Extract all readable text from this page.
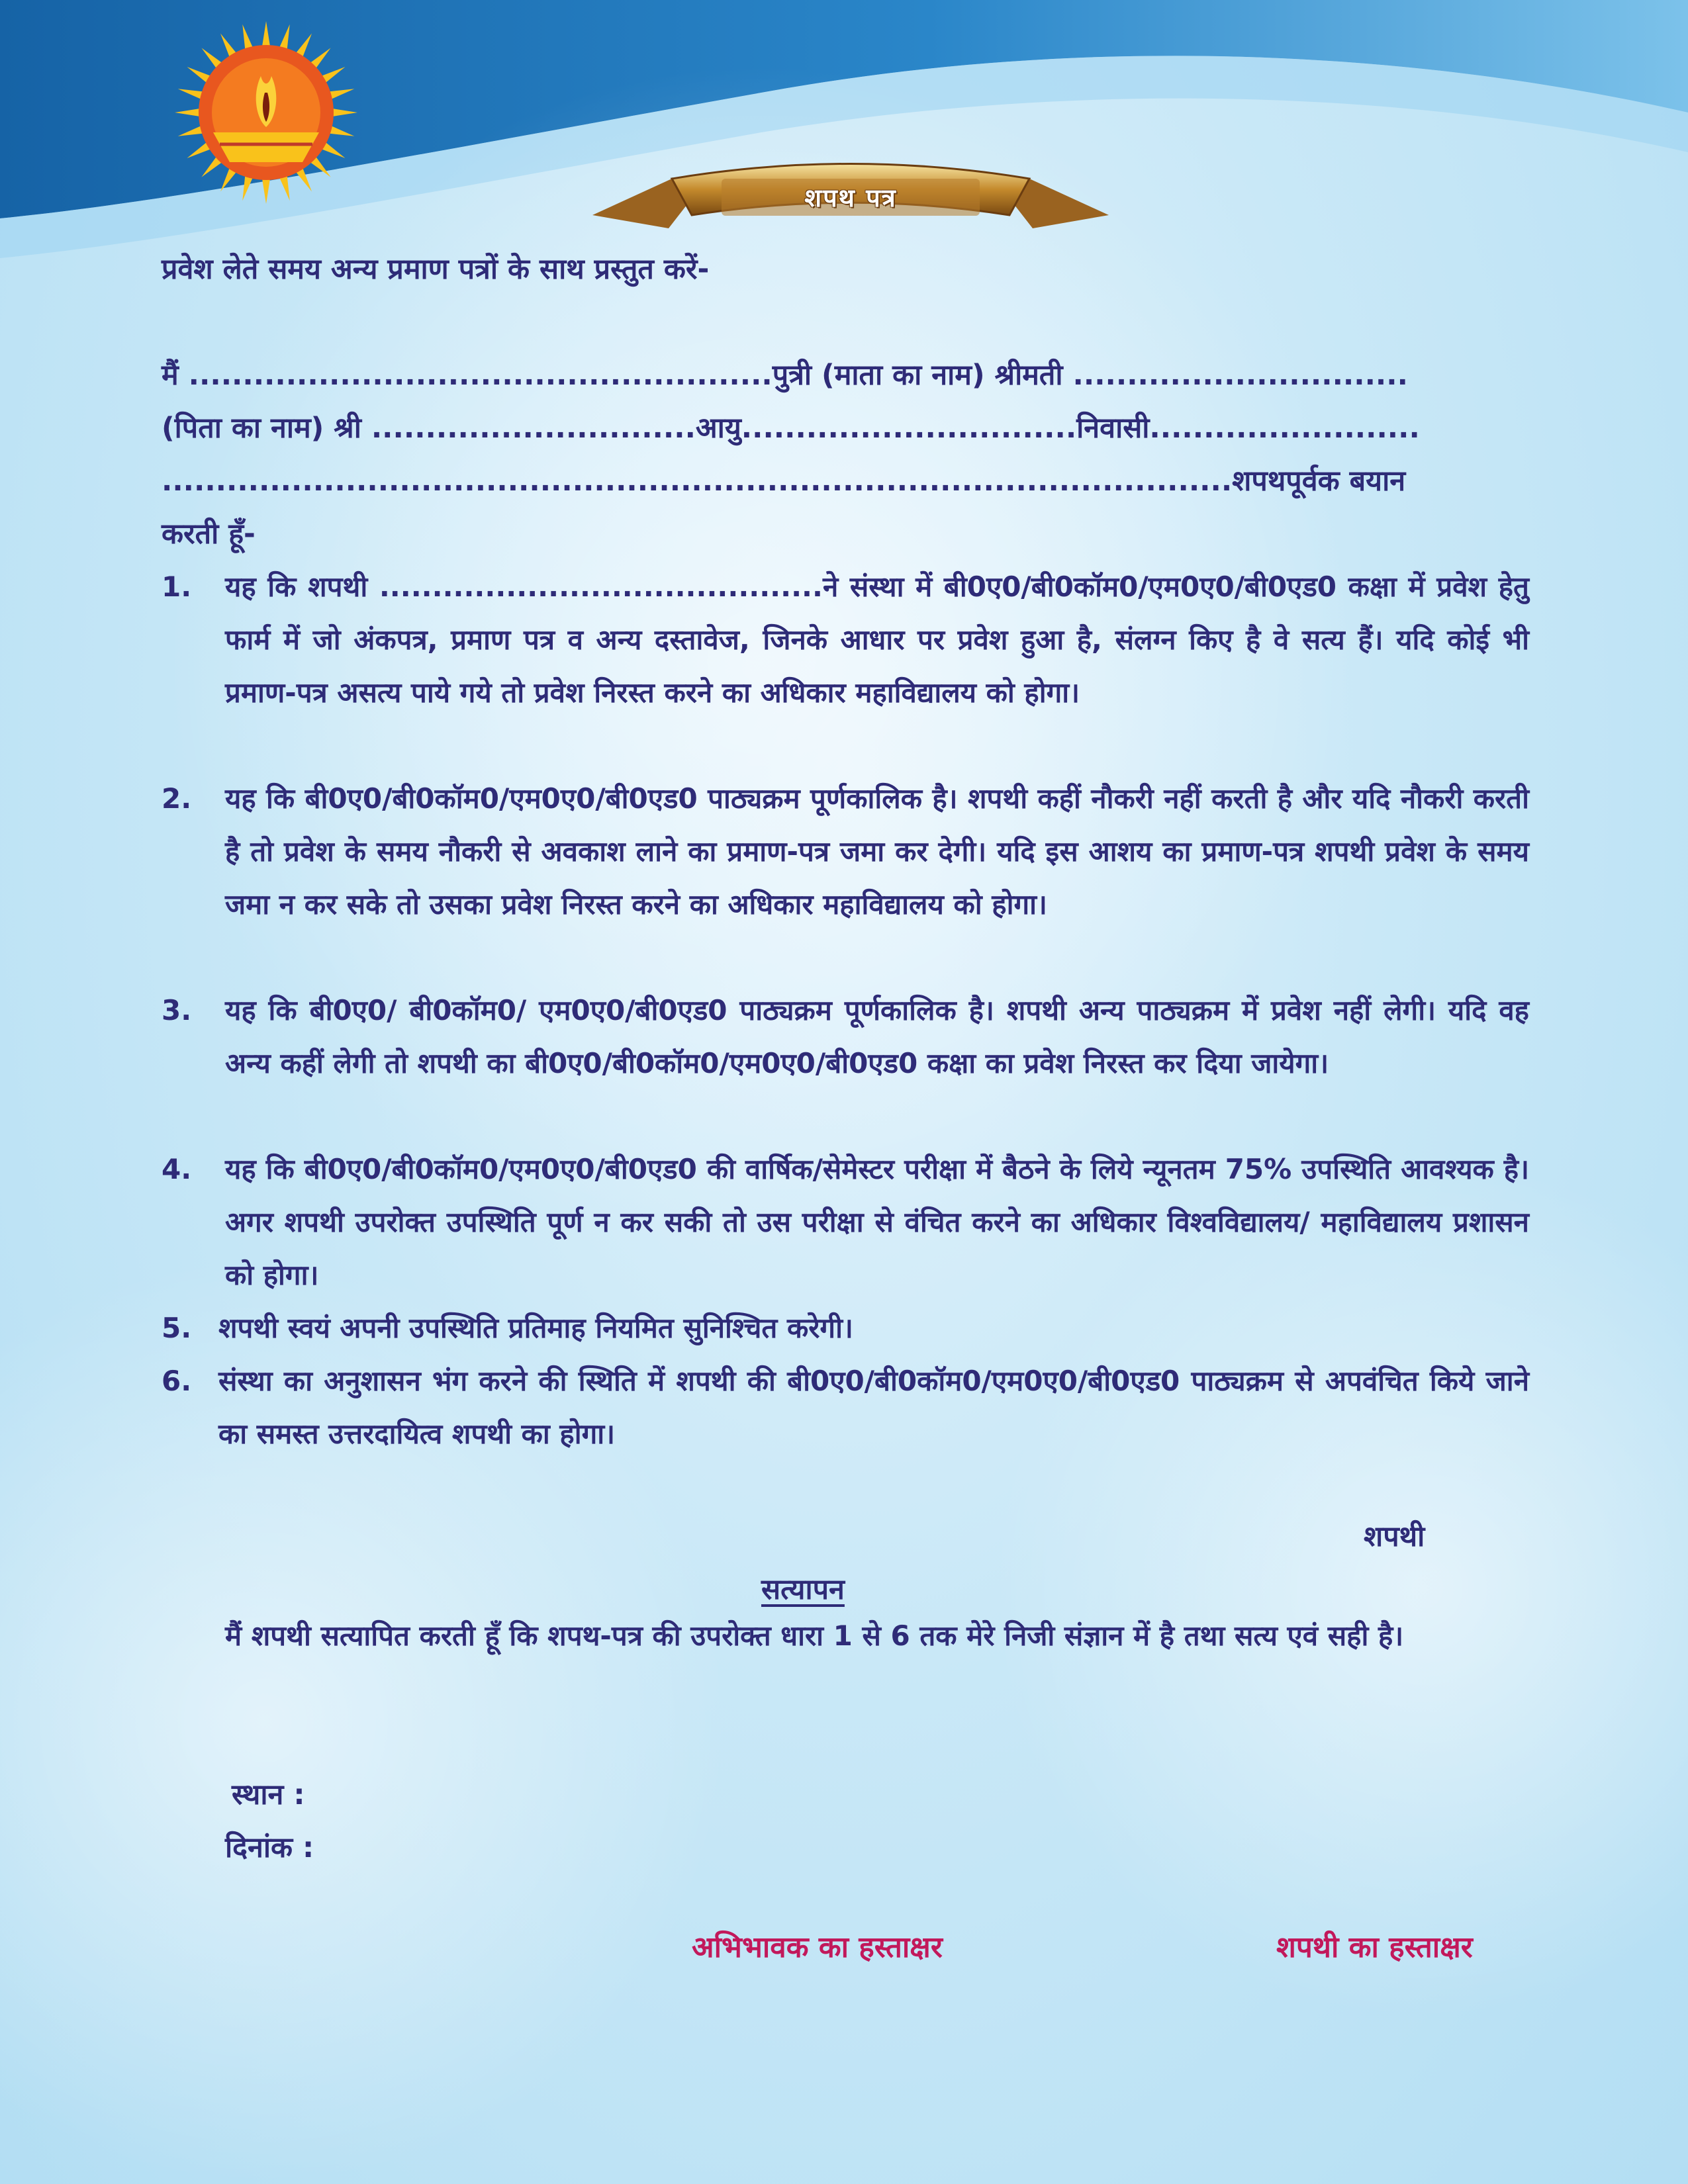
शपथ पत्र
प्रवेश लेते समय अन्य प्रमाण पत्रों के साथ प्रस्तुत करें-
मैं ......................................................पुत्री (माता का नाम) श्रीमती ...............................
(पिता का नाम) श्री ..............................आयु...............................निवासी.........................
...................................................................................................शपथपूर्वक बयान
करती हूँ-
1. यह कि शपथी ..........................................ने संस्था में बी0ए0/बी0कॉम0/एम0ए0/बी0एड0 कक्षा में प्रवेश हेतु फार्म में जो अंकपत्र, प्रमाण पत्र व अन्य दस्तावेज, जिनके आधार पर प्रवेश हुआ है, संलग्न किए है वे सत्य हैं। यदि कोई भी प्रमाण-पत्र असत्य पाये गये तो प्रवेश निरस्त करने का अधिकार महाविद्यालय को होगा।
2. यह कि बी0ए0/बी0कॉम0/एम0ए0/बी0एड0 पाठ्यक्रम पूर्णकालिक है। शपथी कहीं नौकरी नहीं करती है और यदि नौकरी करती है तो प्रवेश के समय नौकरी से अवकाश लाने का प्रमाण-पत्र जमा कर देगी। यदि इस आशय का प्रमाण-पत्र शपथी प्रवेश के समय जमा न कर सके तो उसका प्रवेश निरस्त करने का अधिकार महाविद्यालय को होगा।
3. यह कि बी0ए0/ बी0कॉम0/ एम0ए0/बी0एड0 पाठ्यक्रम पूर्णकालिक है। शपथी अन्य पाठ्यक्रम में प्रवेश नहीं लेगी। यदि वह अन्य कहीं लेगी तो शपथी का बी0ए0/बी0कॉम0/एम0ए0/बी0एड0 कक्षा का प्रवेश निरस्त कर दिया जायेगा।
4. यह कि बी0ए0/बी0कॉम0/एम0ए0/बी0एड0 की वार्षिक/सेमेस्टर परीक्षा में बैठने के लिये न्यूनतम 75% उपस्थिति आवश्यक है। अगर शपथी उपरोक्त उपस्थिति पूर्ण न कर सकी तो उस परीक्षा से वंचित करने का अधिकार विश्वविद्यालय/ महाविद्यालय प्रशासन को होगा।
5. शपथी स्वयं अपनी उपस्थिति प्रतिमाह नियमित सुनिश्चित करेगी।
6. संस्था का अनुशासन भंग करने की स्थिति में शपथी की बी0ए0/बी0कॉम0/एम0ए0/बी0एड0 पाठ्यक्रम से अपवंचित किये जाने का समस्त उत्तरदायित्व शपथी का होगा।
शपथी
सत्यापन
मैं शपथी सत्यापित करती हूँ कि शपथ-पत्र की उपरोक्त धारा 1 से 6 तक मेरे निजी संज्ञान में है तथा सत्य एवं सही है।
स्थान :
दिनांक :
अभिभावक का हस्ताक्षर	शपथी का हस्ताक्षर
